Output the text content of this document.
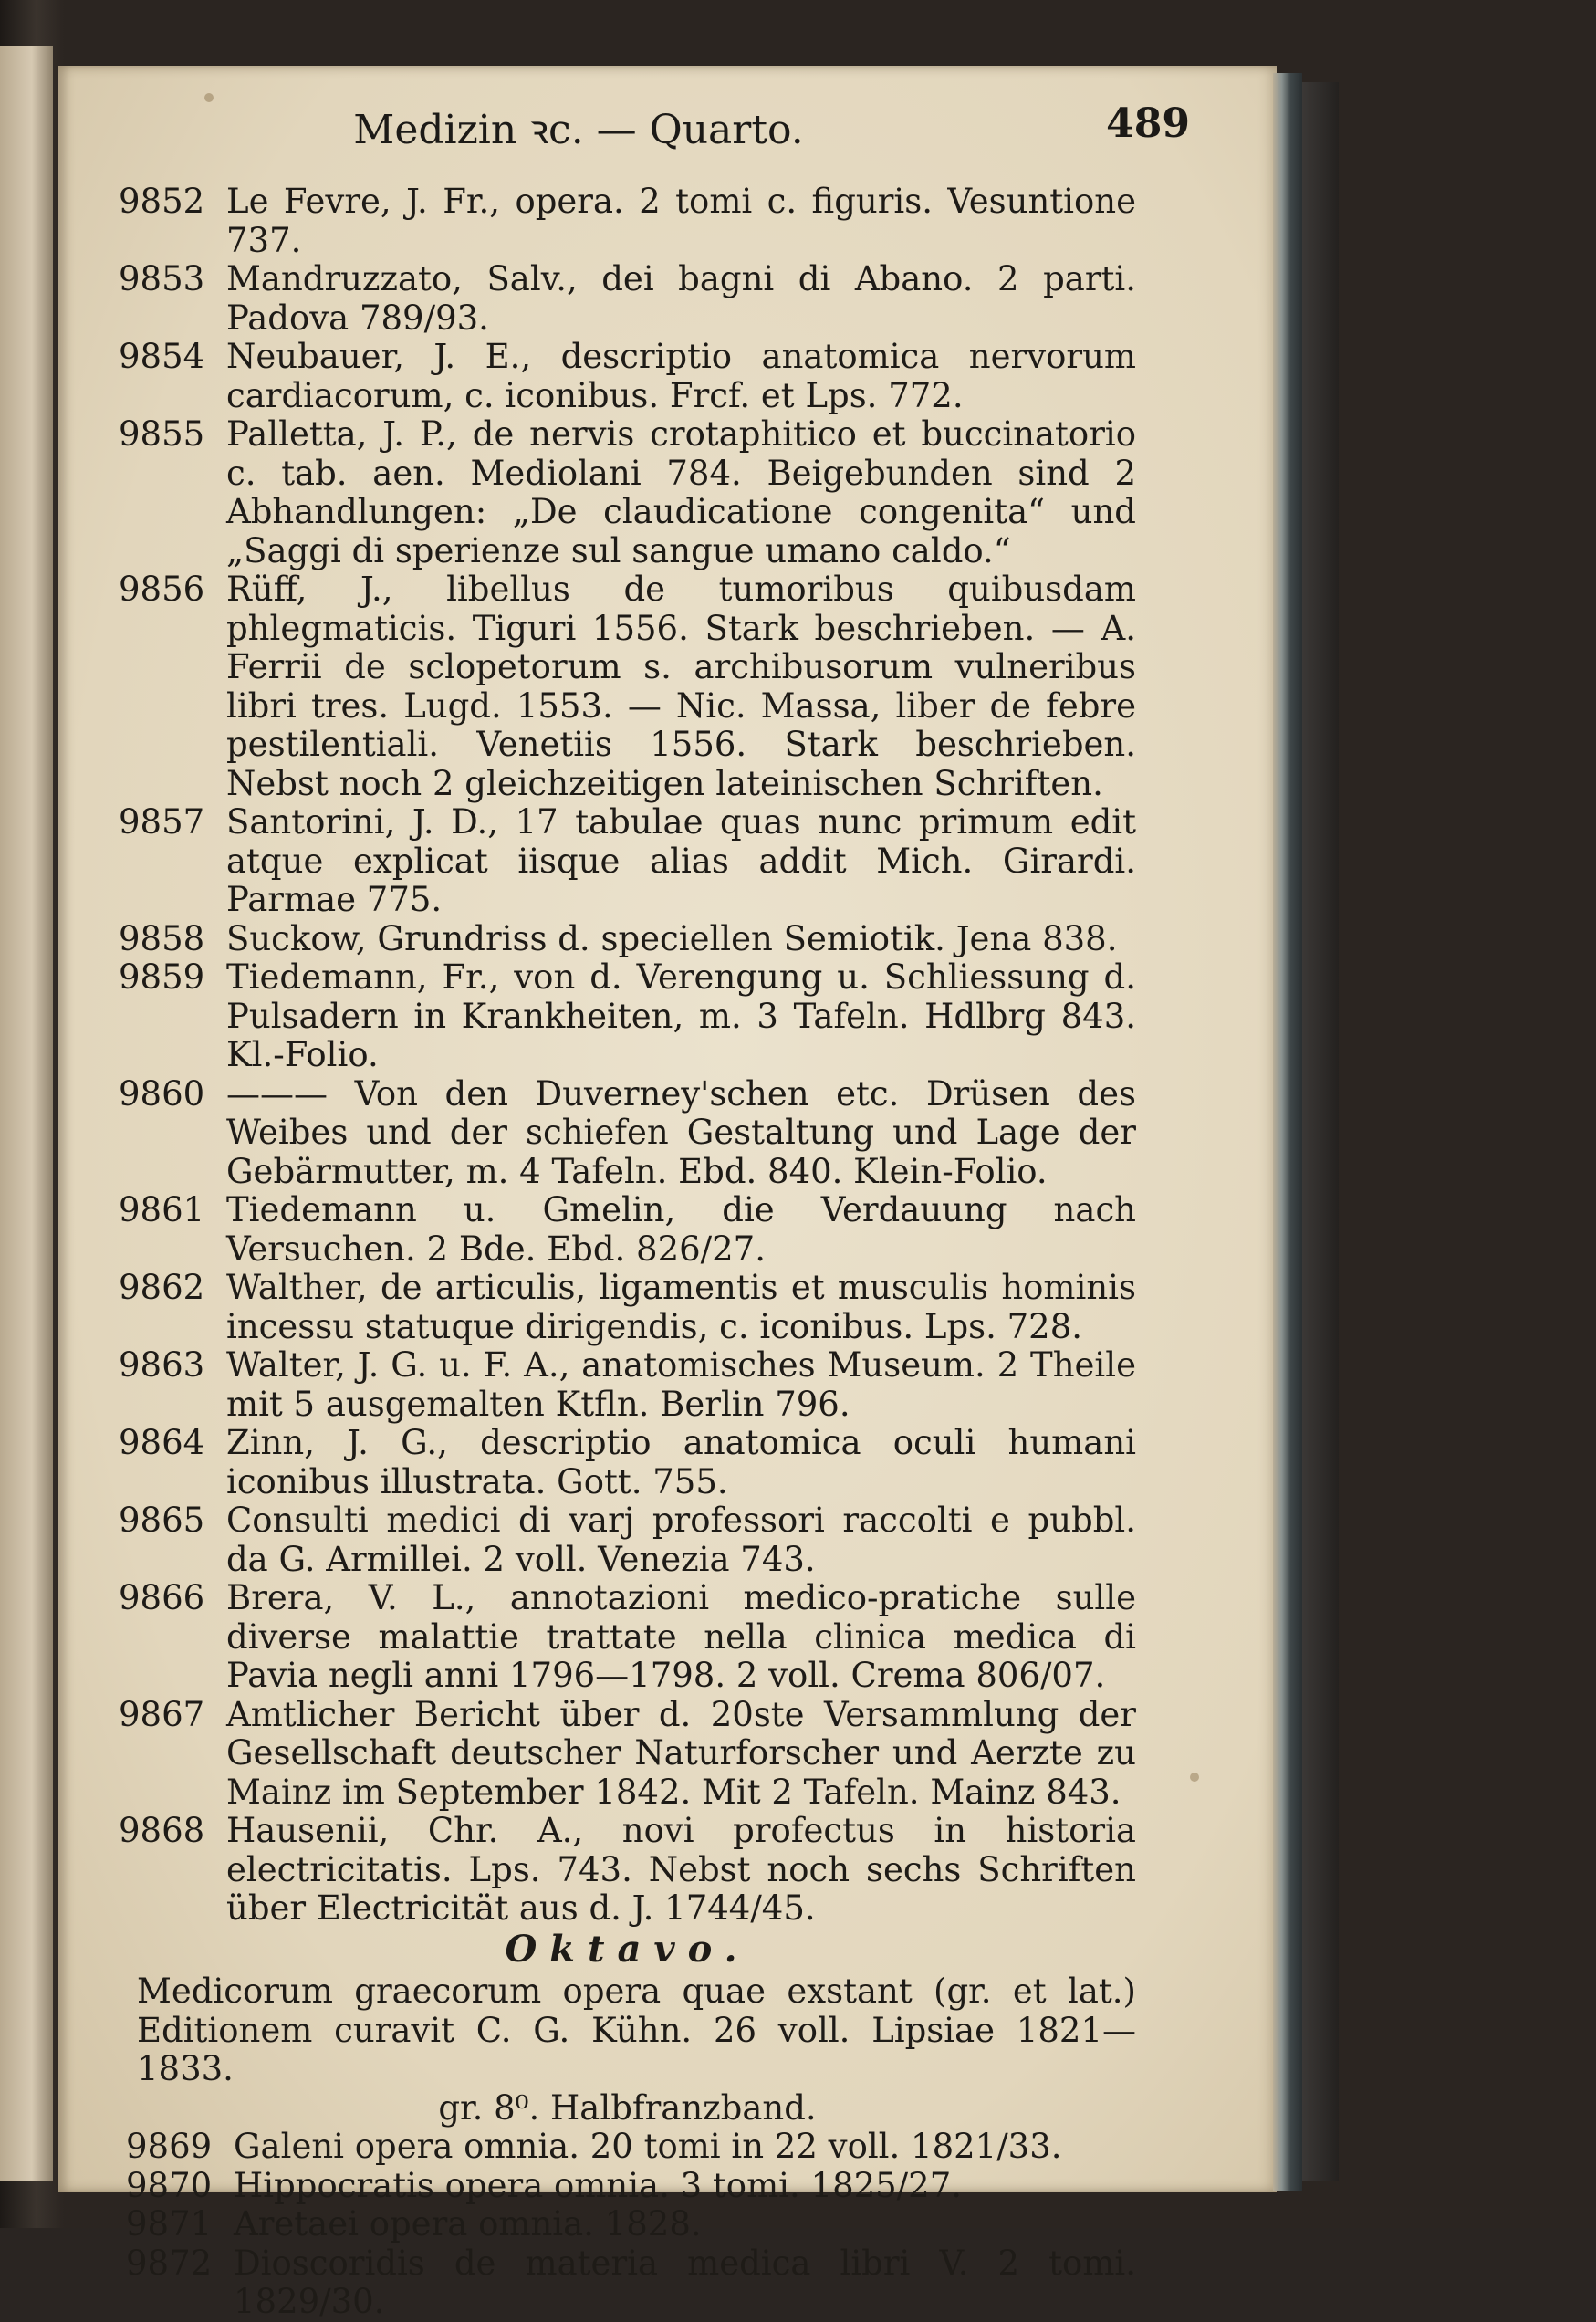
Medizin ꝛc. — Quarto.	489
9852 Le Fevre, J. Fr., opera. 2 tomi c. figuris. Vesuntione 737.
9853 Mandruzzato, Salv., dei bagni di Abano. 2 parti. Padova 789/93.
9854 Neubauer, J. E., descriptio anatomica nervorum cardiacorum, c. iconibus. Frcf. et Lps. 772.
9855 Palletta, J. P., de nervis crotaphitico et buccinatorio c. tab. aen. Mediolani 784. Beigebunden sind 2 Abhandlungen: „De claudicatione congenita“ und „Saggi di sperienze sul sangue umano caldo.“
9856 Rüff, J., libellus de tumoribus quibusdam phlegmaticis. Tiguri 1556. Stark beschrieben. — A. Ferrii de sclopetorum s. archibusorum vulneribus libri tres. Lugd. 1553. — Nic. Massa, liber de febre pestilentiali. Venetiis 1556. Stark beschrieben. Nebst noch 2 gleichzeitigen lateinischen Schriften.
9857 Santorini, J. D., 17 tabulae quas nunc primum edit atque explicat iisque alias addit Mich. Girardi. Parmae 775.
9858 Suckow, Grundriss d. speciellen Semiotik. Jena 838.
9859 Tiedemann, Fr., von d. Verengung u. Schliessung d. Pulsadern in Krankheiten, m. 3 Tafeln. Hdlbrg 843. Kl.-Folio.
9860 ——— Von den Duverney'schen etc. Drüsen des Weibes und der schiefen Gestaltung und Lage der Gebärmutter, m. 4 Tafeln. Ebd. 840. Klein-Folio.
9861 Tiedemann u. Gmelin, die Verdauung nach Versuchen. 2 Bde. Ebd. 826/27.
9862 Walther, de articulis, ligamentis et musculis hominis incessu statuque dirigendis, c. iconibus. Lps. 728.
9863 Walter, J. G. u. F. A., anatomisches Museum. 2 Theile mit 5 ausgemalten Ktfln. Berlin 796.
9864 Zinn, J. G., descriptio anatomica oculi humani iconibus illustrata. Gott. 755.
9865 Consulti medici di varj professori raccolti e pubbl. da G. Armillei. 2 voll. Venezia 743.
9866 Brera, V. L., annotazioni medico-pratiche sulle diverse malattie trattate nella clinica medica di Pavia negli anni 1796—1798. 2 voll. Crema 806/07.
9867 Amtlicher Bericht über d. 20ste Versammlung der Gesellschaft deutscher Naturforscher und Aerzte zu Mainz im September 1842. Mit 2 Tafeln. Mainz 843.
9868 Hausenii, Chr. A., novi profectus in historia electricitatis. Lps. 743. Nebst noch sechs Schriften über Electricität aus d. J. 1744/45.
Oktavo.
Medicorum graecorum opera quae exstant (gr. et lat.) Editionem curavit C. G. Kühn. 26 voll. Lipsiae 1821—1833.
gr. 8⁰. Halbfranzband.
9869 Galeni opera omnia. 20 tomi in 22 voll. 1821/33.
9870 Hippocratis opera omnia. 3 tomi. 1825/27.
9871 Aretaei opera omnia. 1828.
9872 Dioscoridis de materia medica libri V. 2 tomi. 1829/30.
